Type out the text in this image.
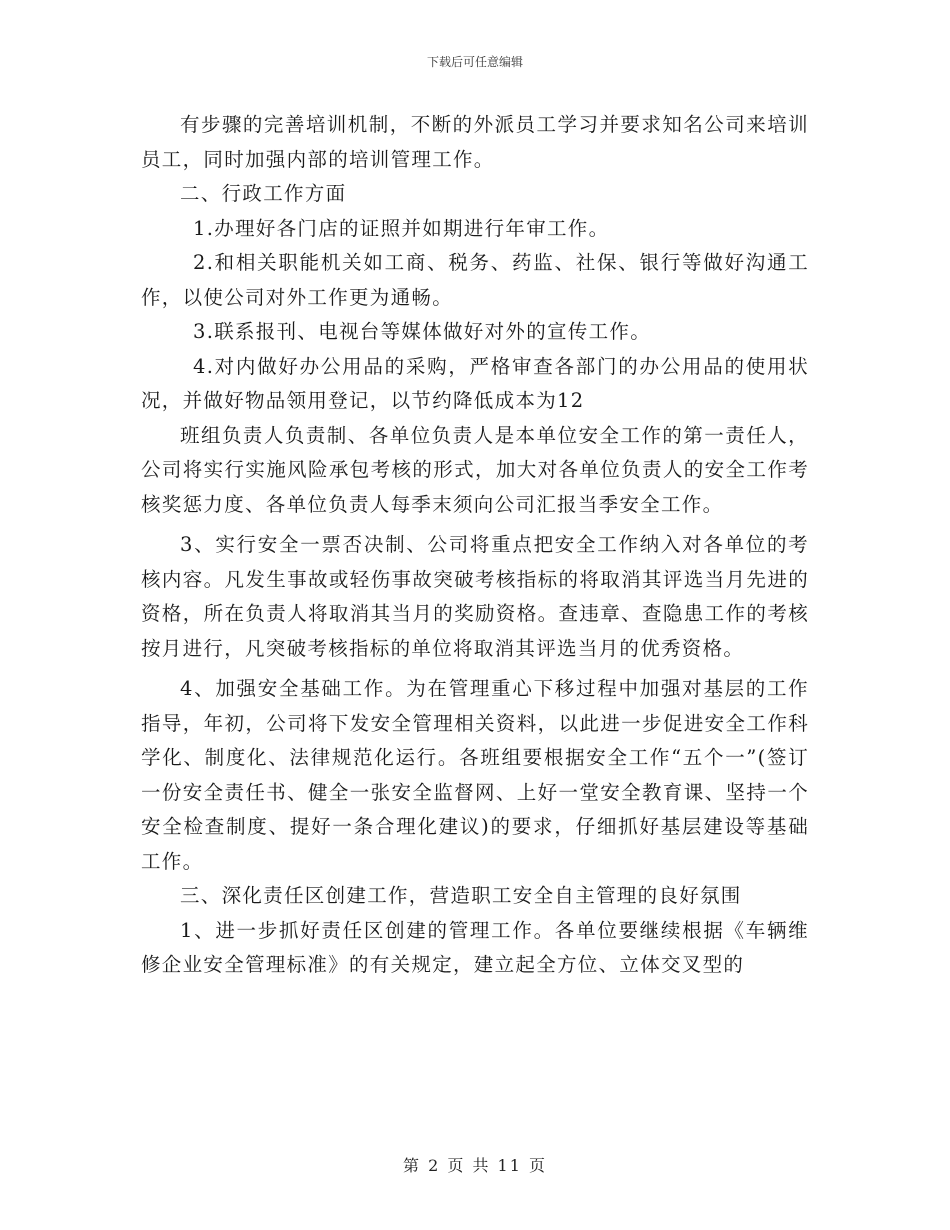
下载后可任意编辑

有步骤的完善培训机制，不断的外派员工学习并要求知名公司来培训员工，同时加强内部的培训管理工作。

二、行政工作方面

1.办理好各门店的证照并如期进行年审工作。

2.和相关职能机关如工商、税务、药监、社保、银行等做好沟通工作，以使公司对外工作更为通畅。

3.联系报刊、电视台等媒体做好对外的宣传工作。

4.对内做好办公用品的采购，严格审查各部门的办公用品的使用状况，并做好物品领用登记，以节约降低成本为12

班组负责人负责制、各单位负责人是本单位安全工作的第一责任人，公司将实行实施风险承包考核的形式，加大对各单位负责人的安全工作考核奖惩力度、各单位负责人每季末须向公司汇报当季安全工作。

3、实行安全一票否决制、公司将重点把安全工作纳入对各单位的考核内容。凡发生事故或轻伤事故突破考核指标的将取消其评选当月先进的资格，所在负责人将取消其当月的奖励资格。查违章、查隐患工作的考核按月进行，凡突破考核指标的单位将取消其评选当月的优秀资格。

4、加强安全基础工作。为在管理重心下移过程中加强对基层的工作指导，年初，公司将下发安全管理相关资料，以此进一步促进安全工作科学化、制度化、法律规范化运行。各班组要根据安全工作“五个一”(签订一份安全责任书、健全一张安全监督网、上好一堂安全教育课、坚持一个安全检查制度、提好一条合理化建议)的要求，仔细抓好基层建设等基础工作。

三、深化责任区创建工作，营造职工安全自主管理的良好氛围

1、进一步抓好责任区创建的管理工作。各单位要继续根据《车辆维修企业安全管理标准》的有关规定，建立起全方位、立体交叉型的

第 2 页 共 11 页
